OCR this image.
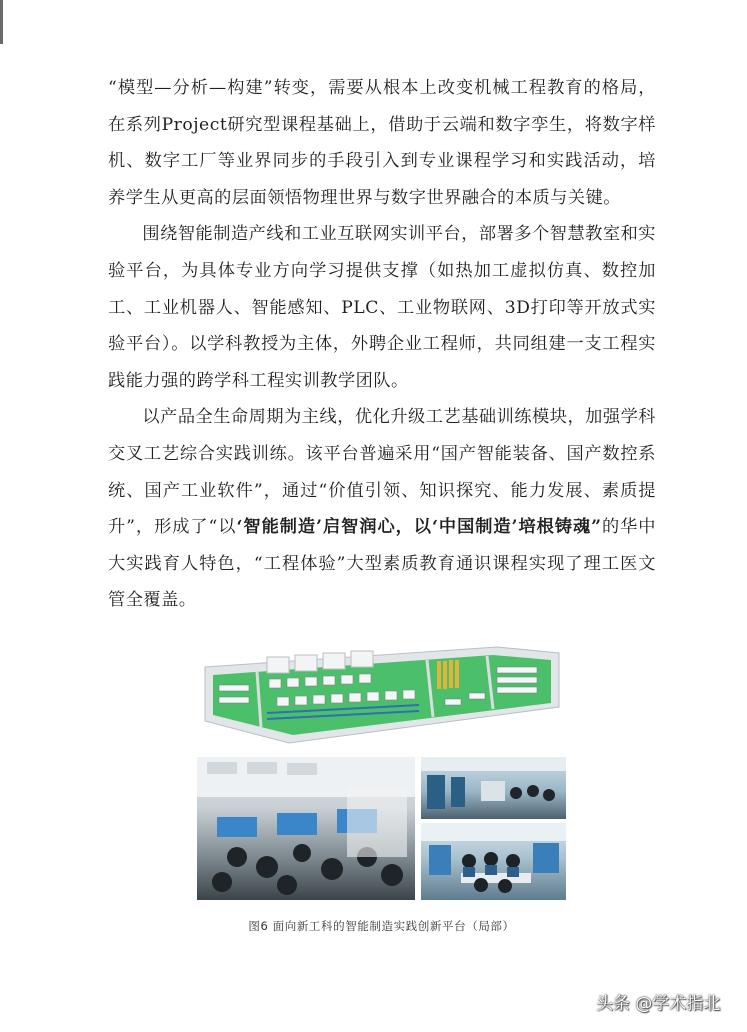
“模型—分析—构建”转变，需要从根本上改变机械工程教育的格局，在系列Project研究型课程基础上，借助于云端和数字孪生，将数字样机、数字工厂等业界同步的手段引入到专业课程学习和实践活动，培养学生从更高的层面领悟物理世界与数字世界融合的本质与关键。

围绕智能制造产线和工业互联网实训平台，部署多个智慧教室和实验平台，为具体专业方向学习提供支撑（如热加工虚拟仿真、数控加工、工业机器人、智能感知、PLC、工业物联网、3D打印等开放式实验平台）。以学科教授为主体，外聘企业工程师，共同组建一支工程实践能力强的跨学科工程实训教学团队。

以产品全生命周期为主线，优化升级工艺基础训练模块，加强学科交叉工艺综合实践训练。该平台普遍采用“国产智能装备、国产数控系统、国产工业软件”，通过“价值引领、知识探究、能力发展、素质提升”，形成了“以‘智能制造’启智润心，以‘中国制造’培根铸魂”的华中大实践育人特色，“工程体验”大型素质教育通识课程实现了理工医文管全覆盖。

图6 面向新工科的智能制造实践创新平台（局部）
头条 @学术指北
